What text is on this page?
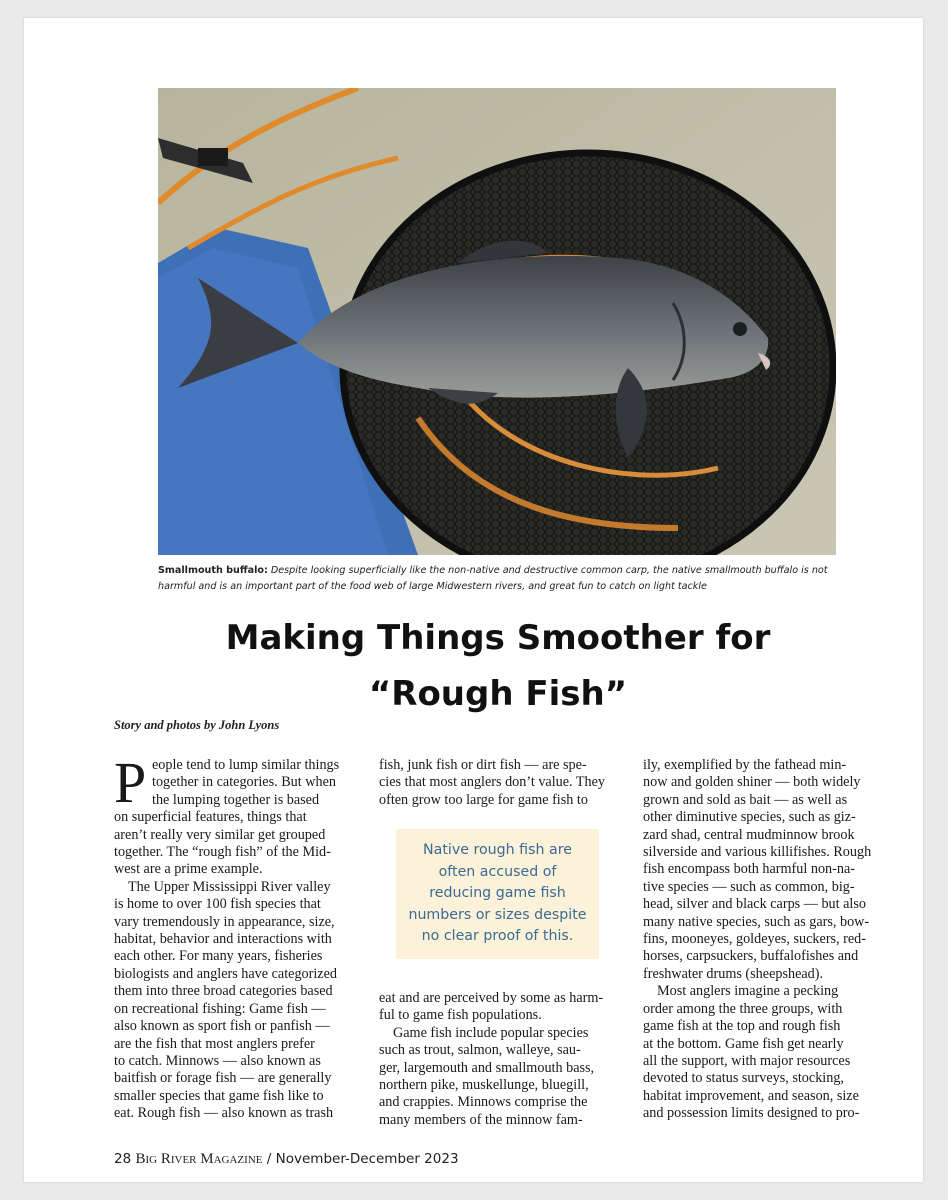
Smallmouth buffalo: Despite looking superficially like the non-native and destructive common carp, the native smallmouth buffalo is not harmful and is an important part of the food web of large Midwestern rivers, and great fun to catch on light tackle
Making Things Smoother for
“Rough Fish”
Story and photos by John Lyons
P eople tend to lump similar things
together in categories. But when
the lumping together is based
on superficial features, things that
aren’t really very similar get grouped
together. The “rough fish” of the Mid-
west are a prime example.
The Upper Mississippi River valley
is home to over 100 fish species that
vary tremendously in appearance, size,
habitat, behavior and interactions with
each other. For many years, fisheries
biologists and anglers have categorized
them into three broad categories based
on recreational fishing: Game fish —
also known as sport fish or panfish —
are the fish that most anglers prefer
to catch. Minnows — also known as
baitfish or forage fish — are generally
smaller species that game fish like to
eat. Rough fish — also known as trash
fish, junk fish or dirt fish — are spe-
cies that most anglers don’t value. They
often grow too large for game fish to
Native rough fish are often accused of reducing game fish numbers or sizes despite no clear proof of this.
eat and are perceived by some as harm-
ful to game fish populations.
Game fish include popular species
such as trout, salmon, walleye, sau-
ger, largemouth and smallmouth bass,
northern pike, muskellunge, bluegill,
and crappies. Minnows comprise the
many members of the minnow fam-
ily, exemplified by the fathead min-
now and golden shiner — both widely
grown and sold as bait — as well as
other diminutive species, such as giz-
zard shad, central mudminnow brook
silverside and various killifishes. Rough
fish encompass both harmful non-na-
tive species — such as common, big-
head, silver and black carps — but also
many native species, such as gars, bow-
fins, mooneyes, goldeyes, suckers, red-
horses, carpsuckers, buffalofishes and
freshwater drums (sheepshead).
Most anglers imagine a pecking
order among the three groups, with
game fish at the top and rough fish
at the bottom. Game fish get nearly
all the support, with major resources
devoted to status surveys, stocking,
habitat improvement, and season, size
and possession limits designed to pro-
28 Big River Magazine / November-December 2023
